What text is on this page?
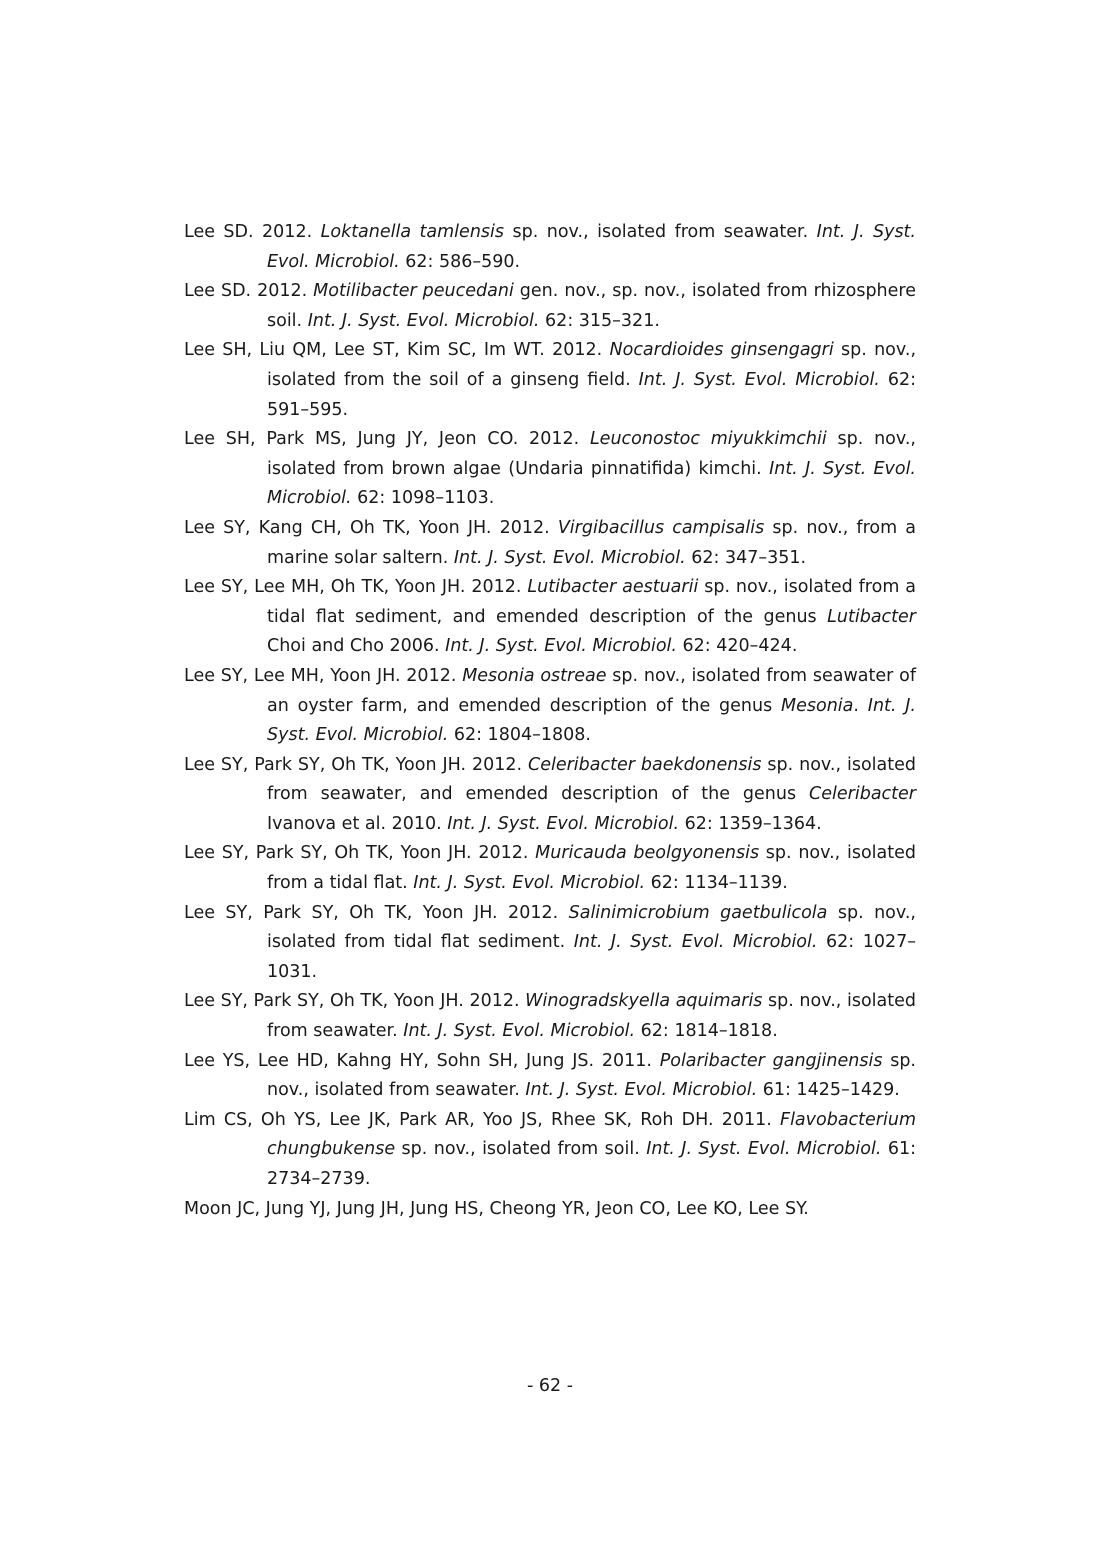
Lee SD. 2012. Loktanella tamlensis sp. nov., isolated from seawater. Int. J. Syst. Evol. Microbiol. 62: 586–590.
Lee SD. 2012. Motilibacter peucedani gen. nov., sp. nov., isolated from rhizosphere soil. Int. J. Syst. Evol. Microbiol. 62: 315–321.
Lee SH, Liu QM, Lee ST, Kim SC, Im WT. 2012. Nocardioides ginsengagri sp. nov., isolated from the soil of a ginseng field. Int. J. Syst. Evol. Microbiol. 62: 591–595.
Lee SH, Park MS, Jung JY, Jeon CO. 2012. Leuconostoc miyukkimchii sp. nov., isolated from brown algae (Undaria pinnatifida) kimchi. Int. J. Syst. Evol. Microbiol. 62: 1098–1103.
Lee SY, Kang CH, Oh TK, Yoon JH. 2012. Virgibacillus campisalis sp. nov., from a marine solar saltern. Int. J. Syst. Evol. Microbiol. 62: 347–351.
Lee SY, Lee MH, Oh TK, Yoon JH. 2012. Lutibacter aestuarii sp. nov., isolated from a tidal flat sediment, and emended description of the genus Lutibacter Choi and Cho 2006. Int. J. Syst. Evol. Microbiol. 62: 420–424.
Lee SY, Lee MH, Yoon JH. 2012. Mesonia ostreae sp. nov., isolated from seawater of an oyster farm, and emended description of the genus Mesonia. Int. J. Syst. Evol. Microbiol. 62: 1804–1808.
Lee SY, Park SY, Oh TK, Yoon JH. 2012. Celeribacter baekdonensis sp. nov., isolated from seawater, and emended description of the genus Celeribacter Ivanova et al. 2010. Int. J. Syst. Evol. Microbiol. 62: 1359–1364.
Lee SY, Park SY, Oh TK, Yoon JH. 2012. Muricauda beolgyonensis sp. nov., isolated from a tidal flat. Int. J. Syst. Evol. Microbiol. 62: 1134–1139.
Lee SY, Park SY, Oh TK, Yoon JH. 2012. Salinimicrobium gaetbulicola sp. nov., isolated from tidal flat sediment. Int. J. Syst. Evol. Microbiol. 62: 1027–1031.
Lee SY, Park SY, Oh TK, Yoon JH. 2012. Winogradskyella aquimaris sp. nov., isolated from seawater. Int. J. Syst. Evol. Microbiol. 62: 1814–1818.
Lee YS, Lee HD, Kahng HY, Sohn SH, Jung JS. 2011. Polaribacter gangjinensis sp. nov., isolated from seawater. Int. J. Syst. Evol. Microbiol. 61: 1425–1429.
Lim CS, Oh YS, Lee JK, Park AR, Yoo JS, Rhee SK, Roh DH. 2011. Flavobacterium chungbukense sp. nov., isolated from soil. Int. J. Syst. Evol. Microbiol. 61: 2734–2739.
Moon JC, Jung YJ, Jung JH, Jung HS, Cheong YR, Jeon CO, Lee KO, Lee SY.
- 62 -
